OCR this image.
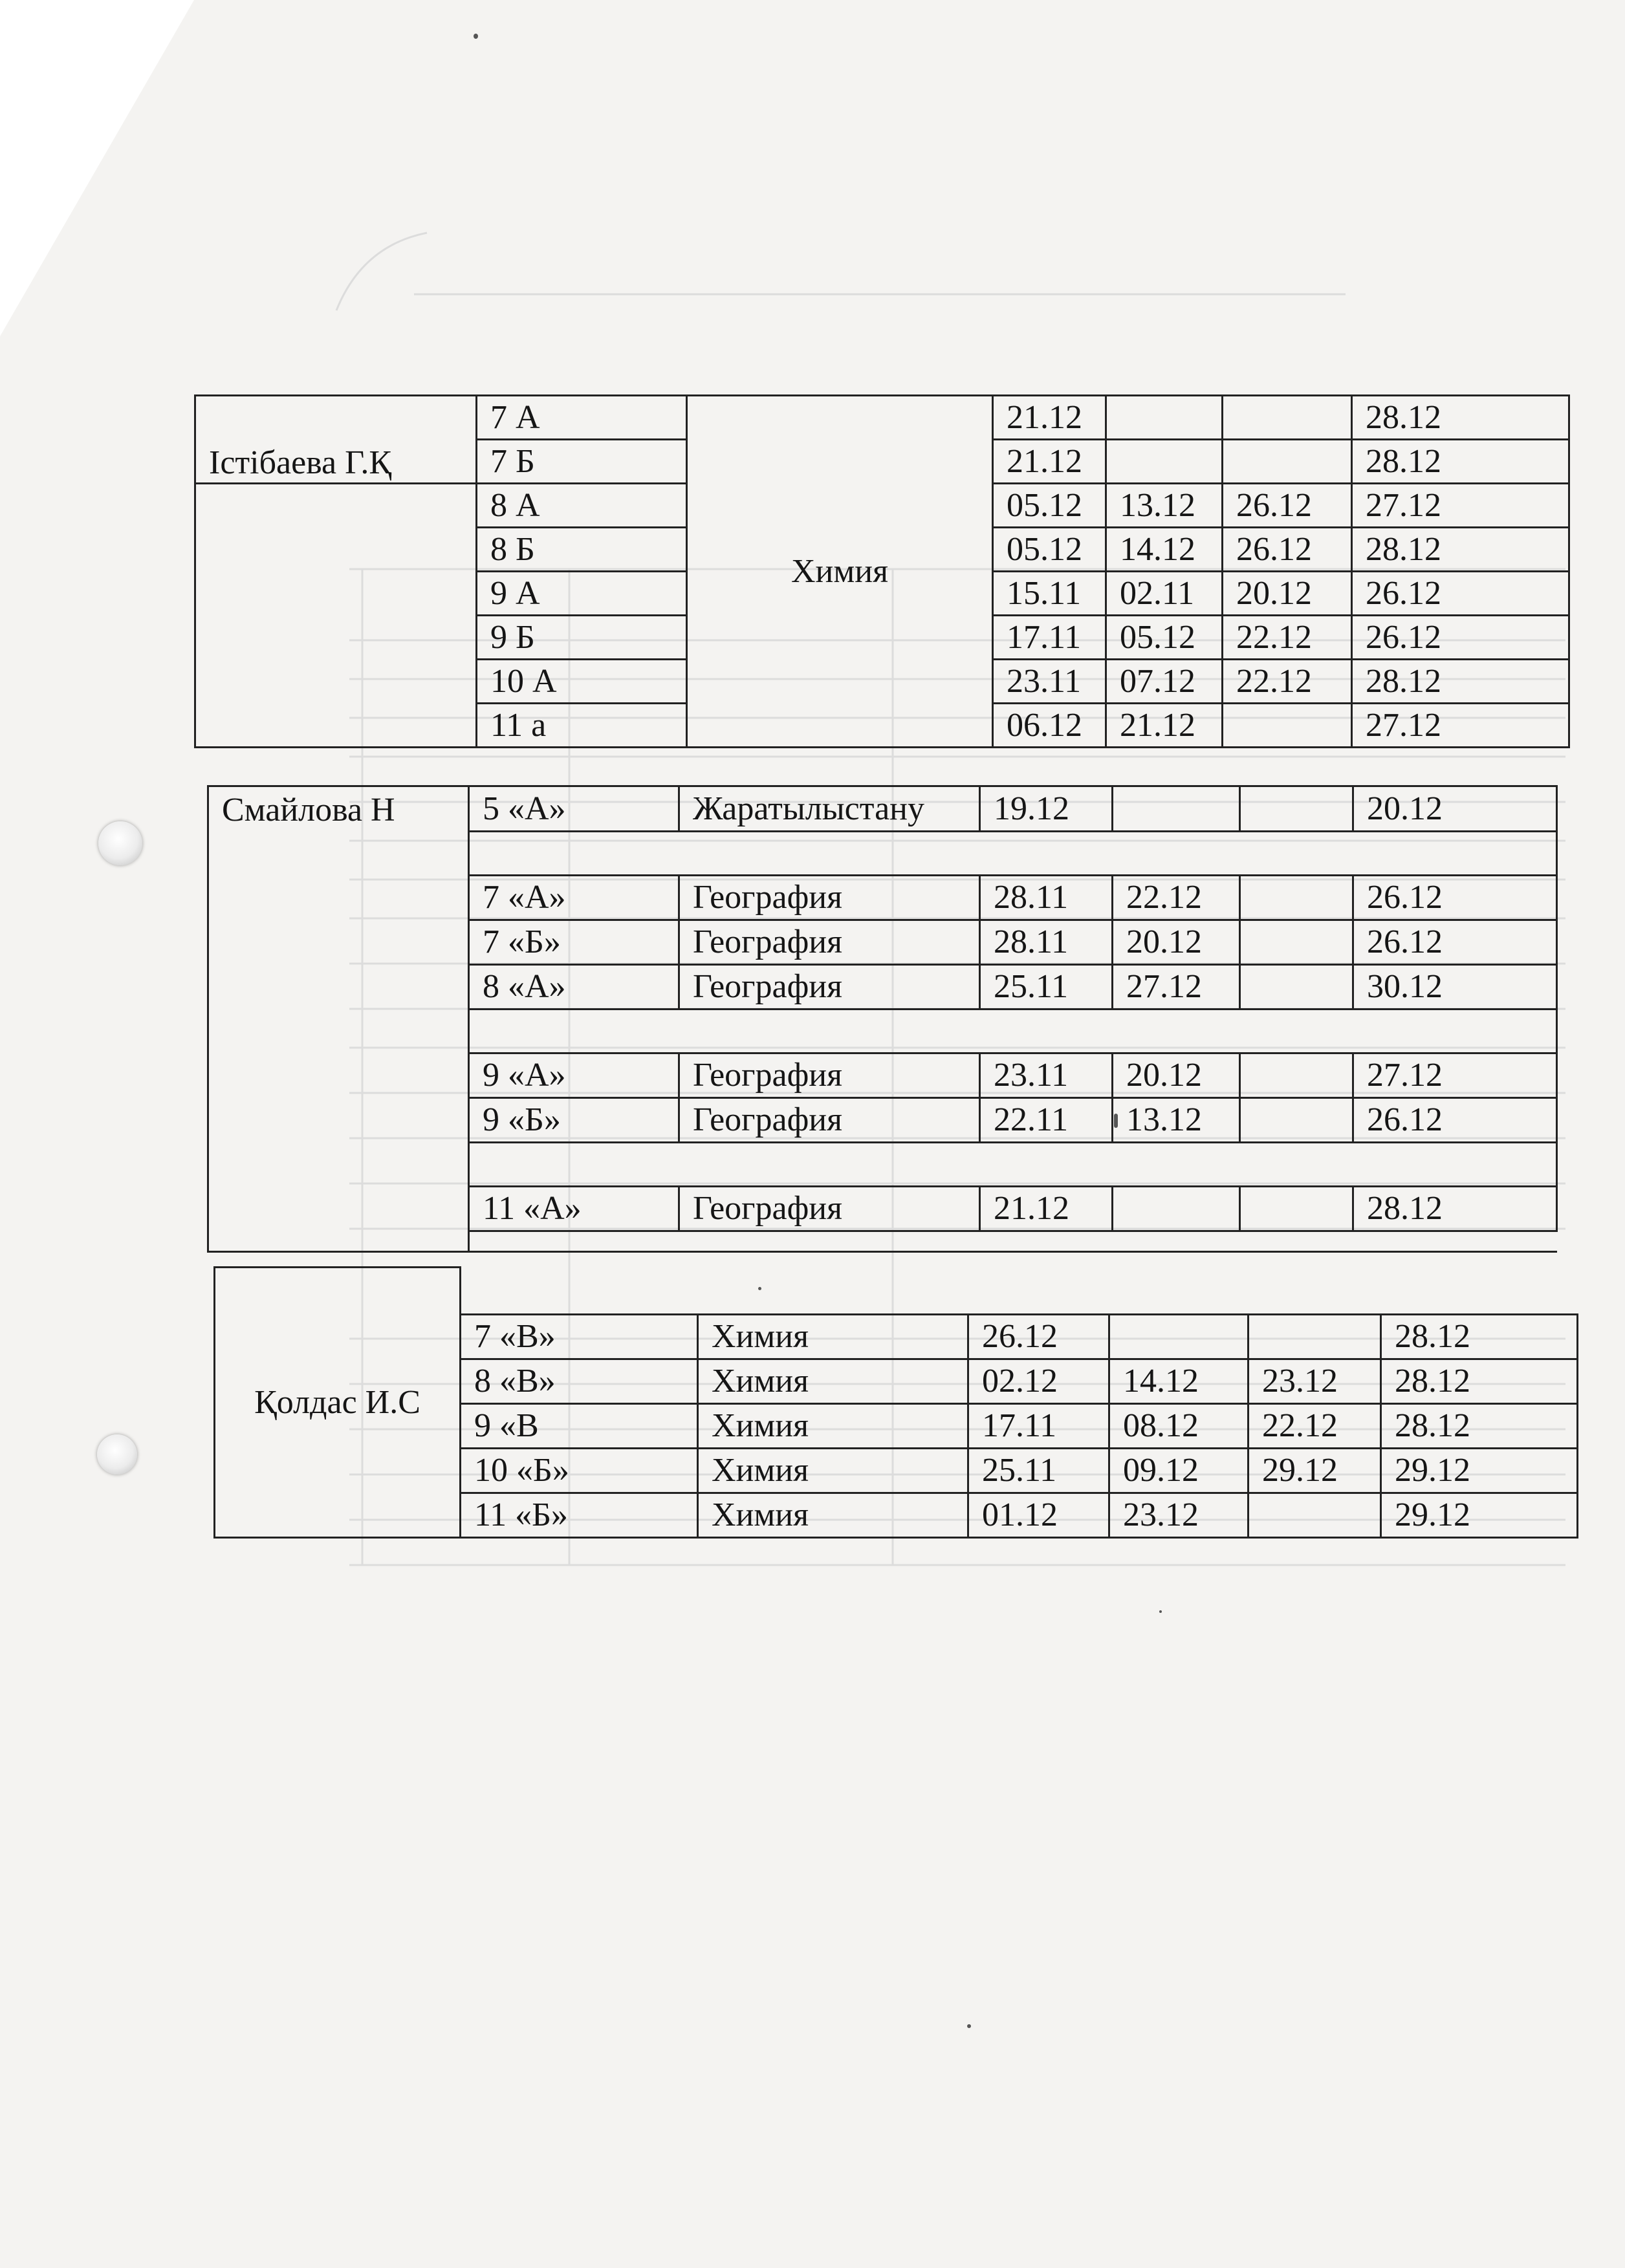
Істібаева Г.Қ	7 А	Химия	21.12			28.12
	7 Б		21.12			28.12
	8 А		05.12	13.12	26.12	27.12
	8 Б		05.12	14.12	26.12	28.12
	9 А		15.11	02.11	20.12	26.12
	9 Б		17.11	05.12	22.12	26.12
	10 А		23.11	07.12	22.12	28.12
	11 а		06.12	21.12		27.12
Смайлова Н	5 «А»	Жаратылыстану	19.12			20.12

	7 «А»	География	28.11	22.12		26.12
	7 «Б»	География	28.11	20.12		26.12
	8 «А»	География	25.11	27.12		30.12

	9 «А»	География	23.11	20.12		27.12
	9 «Б»	География	22.11	13.12		26.12

	11 «А»	География	21.12			28.12

Қолдас И.С						
	7 «В»	Химия	26.12			28.12
	8 «В»	Химия	02.12	14.12	23.12	28.12
	9 «В	Химия	17.11	08.12	22.12	28.12
	10 «Б»	Химия	25.11	09.12	29.12	29.12
	11 «Б»	Химия	01.12	23.12		29.12
